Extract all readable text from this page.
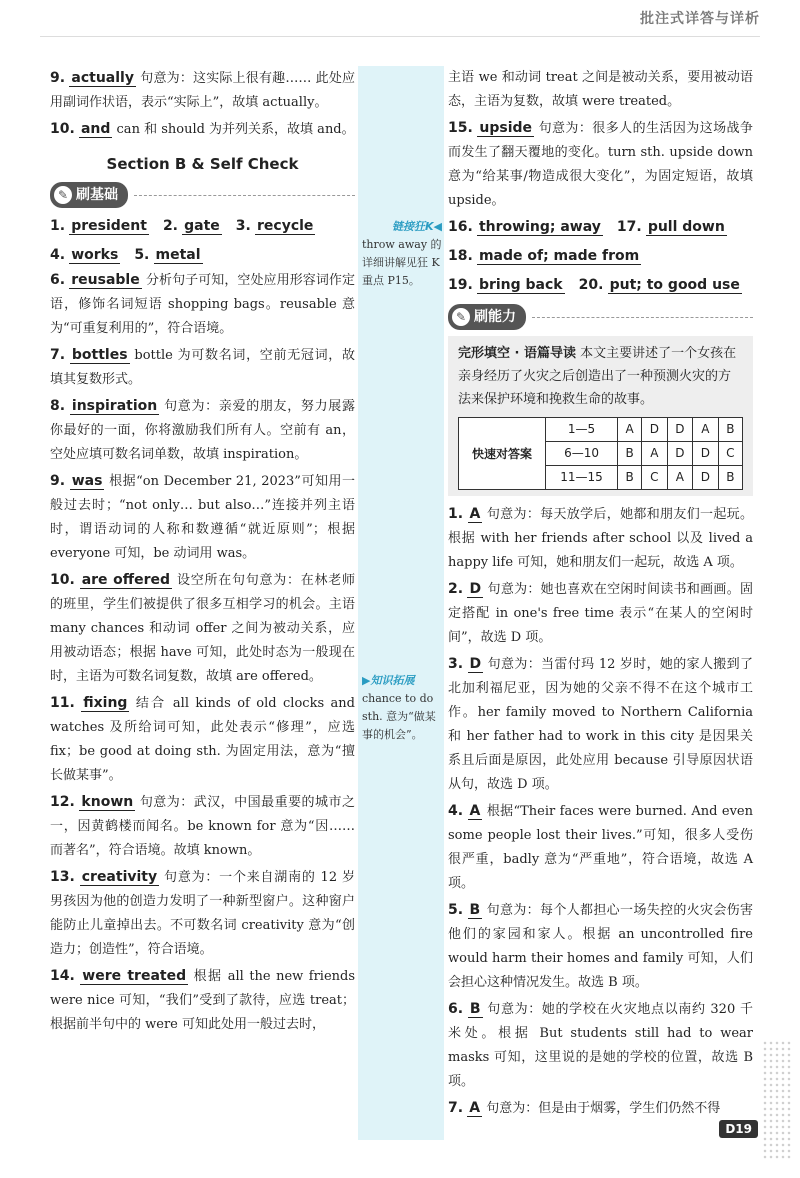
批注式详答与详析
链接狂K◀
throw away 的详细讲解见狂 K 重点 P15。
▶知识拓展
chance to do sth. 意为“做某事的机会”。
9. actually 句意为：这实际上很有趣…… 此处应用副词作状语，表示“实际上”，故填 actually。
10. and can 和 should 为并列关系，故填 and。
Section B & Self Check
✎ 刷基础
1. president 2. gate 3. recycle
4. works 5. metal
6. reusable 分析句子可知，空处应用形容词作定语，修饰名词短语 shopping bags。reusable 意为“可重复利用的”，符合语境。
7. bottles bottle 为可数名词，空前无冠词，故填其复数形式。
8. inspiration 句意为：亲爱的朋友，努力展露你最好的一面，你将激励我们所有人。空前有 an，空处应填可数名词单数，故填 inspiration。
9. was 根据“on December 21, 2023”可知用一般过去时；“not only… but also…”连接并列主语时，谓语动词的人称和数遵循“就近原则”；根据 everyone 可知，be 动词用 was。
10. are offered 设空所在句句意为：在林老师的班里，学生们被提供了很多互相学习的机会。主语 many chances 和动词 offer 之间为被动关系，应用被动语态；根据 have 可知，此处时态为一般现在时，主语为可数名词复数，故填 are offered。
11. fixing 结合 all kinds of old clocks and watches 及所给词可知，此处表示“修理”，应选 fix；be good at doing sth. 为固定用法，意为“擅长做某事”。
12. known 句意为：武汉，中国最重要的城市之一，因黄鹤楼而闻名。be known for 意为“因……而著名”，符合语境。故填 known。
13. creativity 句意为：一个来自湖南的 12 岁男孩因为他的创造力发明了一种新型窗户。这种窗户能防止儿童掉出去。不可数名词 creativity 意为“创造力；创造性”，符合语境。
14. were treated 根据 all the new friends were nice 可知，“我们”受到了款待，应选 treat；根据前半句中的 were 可知此处用一般过去时，
主语 we 和动词 treat 之间是被动关系，要用被动语态，主语为复数，故填 were treated。
15. upside 句意为：很多人的生活因为这场战争而发生了翻天覆地的变化。turn sth. upside down 意为“给某事/物造成很大变化”，为固定短语，故填 upside。
16. throwing; away 17. pull down
18. made of; made from
19. bring back 20. put; to good use
✎ 刷能力
完形填空 · 语篇导读 本文主要讲述了一个女孩在亲身经历了火灾之后创造出了一种预测火灾的方法来保护环境和挽救生命的故事。
快速对答案	1—5	A	D	D	A	B
	6—10	B	A	D	D	C
	11—15	B	C	A	D	B
1. A 句意为：每天放学后，她都和朋友们一起玩。根据 with her friends after school 以及 lived a happy life 可知，她和朋友们一起玩，故选 A 项。
2. D 句意为：她也喜欢在空闲时间读书和画画。固定搭配 in one's free time 表示“在某人的空闲时间”，故选 D 项。
3. D 句意为：当雷付玛 12 岁时，她的家人搬到了北加利福尼亚，因为她的父亲不得不在这个城市工作。her family moved to Northern California 和 her father had to work in this city 是因果关系且后面是原因，此处应用 because 引导原因状语从句，故选 D 项。
4. A 根据“Their faces were burned. And even some people lost their lives.”可知，很多人受伤很严重，badly 意为“严重地”，符合语境，故选 A 项。
5. B 句意为：每个人都担心一场失控的火灾会伤害他们的家园和家人。根据 an uncontrolled fire would harm their homes and family 可知，人们会担心这种情况发生。故选 B 项。
6. B 句意为：她的学校在火灾地点以南约 320 千米处。根据 But students still had to wear masks 可知，这里说的是她的学校的位置，故选 B 项。
7. A 句意为：但是由于烟雾，学生们仍然不得
D19
